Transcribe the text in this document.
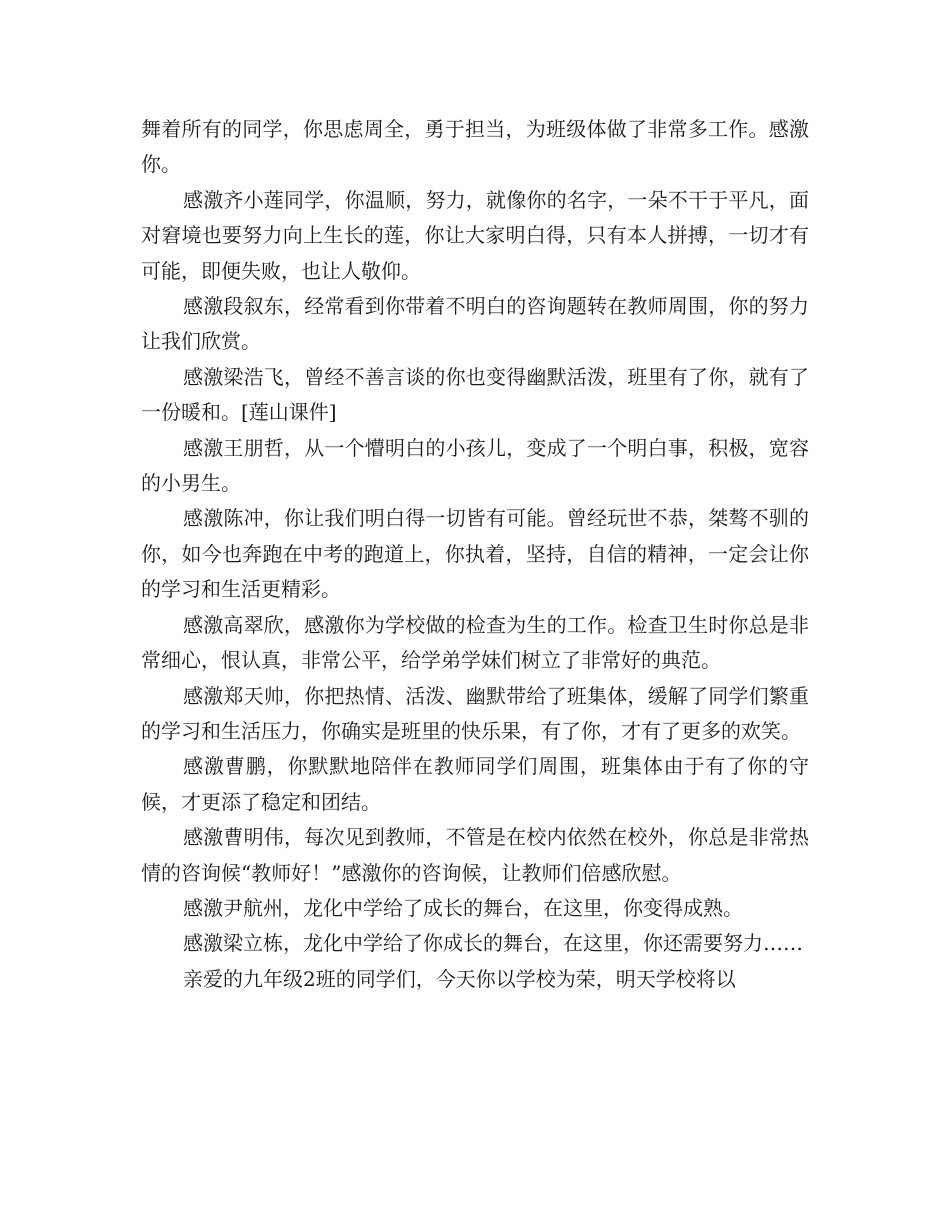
舞着所有的同学，你思虑周全，勇于担当，为班级体做了非常多工作。感激你。

感激齐小莲同学，你温顺，努力，就像你的名字，一朵不干于平凡，面对窘境也要努力向上生长的莲，你让大家明白得，只有本人拼搏，一切才有可能，即便失败，也让人敬仰。

感激段叙东，经常看到你带着不明白的咨询题转在教师周围，你的努力让我们欣赏。

感激梁浩飞，曾经不善言谈的你也变得幽默活泼，班里有了你，就有了一份暖和。[莲山课件]

感激王朋哲，从一个懵明白的小孩儿，变成了一个明白事，积极，宽容的小男生。

感激陈冲，你让我们明白得一切皆有可能。曾经玩世不恭，桀骜不驯的你，如今也奔跑在中考的跑道上，你执着，坚持，自信的精神，一定会让你的学习和生活更精彩。

感激高翠欣，感激你为学校做的检查为生的工作。检查卫生时你总是非常细心，恨认真，非常公平，给学弟学妹们树立了非常好的典范。

感激郑天帅，你把热情、活泼、幽默带给了班集体，缓解了同学们繁重的学习和生活压力，你确实是班里的快乐果，有了你，才有了更多的欢笑。

感激曹鹏，你默默地陪伴在教师同学们周围，班集体由于有了你的守候，才更添了稳定和团结。

感激曹明伟，每次见到教师，不管是在校内依然在校外，你总是非常热情的咨询候“教师好！”感激你的咨询候，让教师们倍感欣慰。

感激尹航州，龙化中学给了成长的舞台，在这里，你变得成熟。

感激梁立栋，龙化中学给了你成长的舞台，在这里，你还需要努力……

亲爱的九年级2班的同学们，今天你以学校为荣，明天学校将以
